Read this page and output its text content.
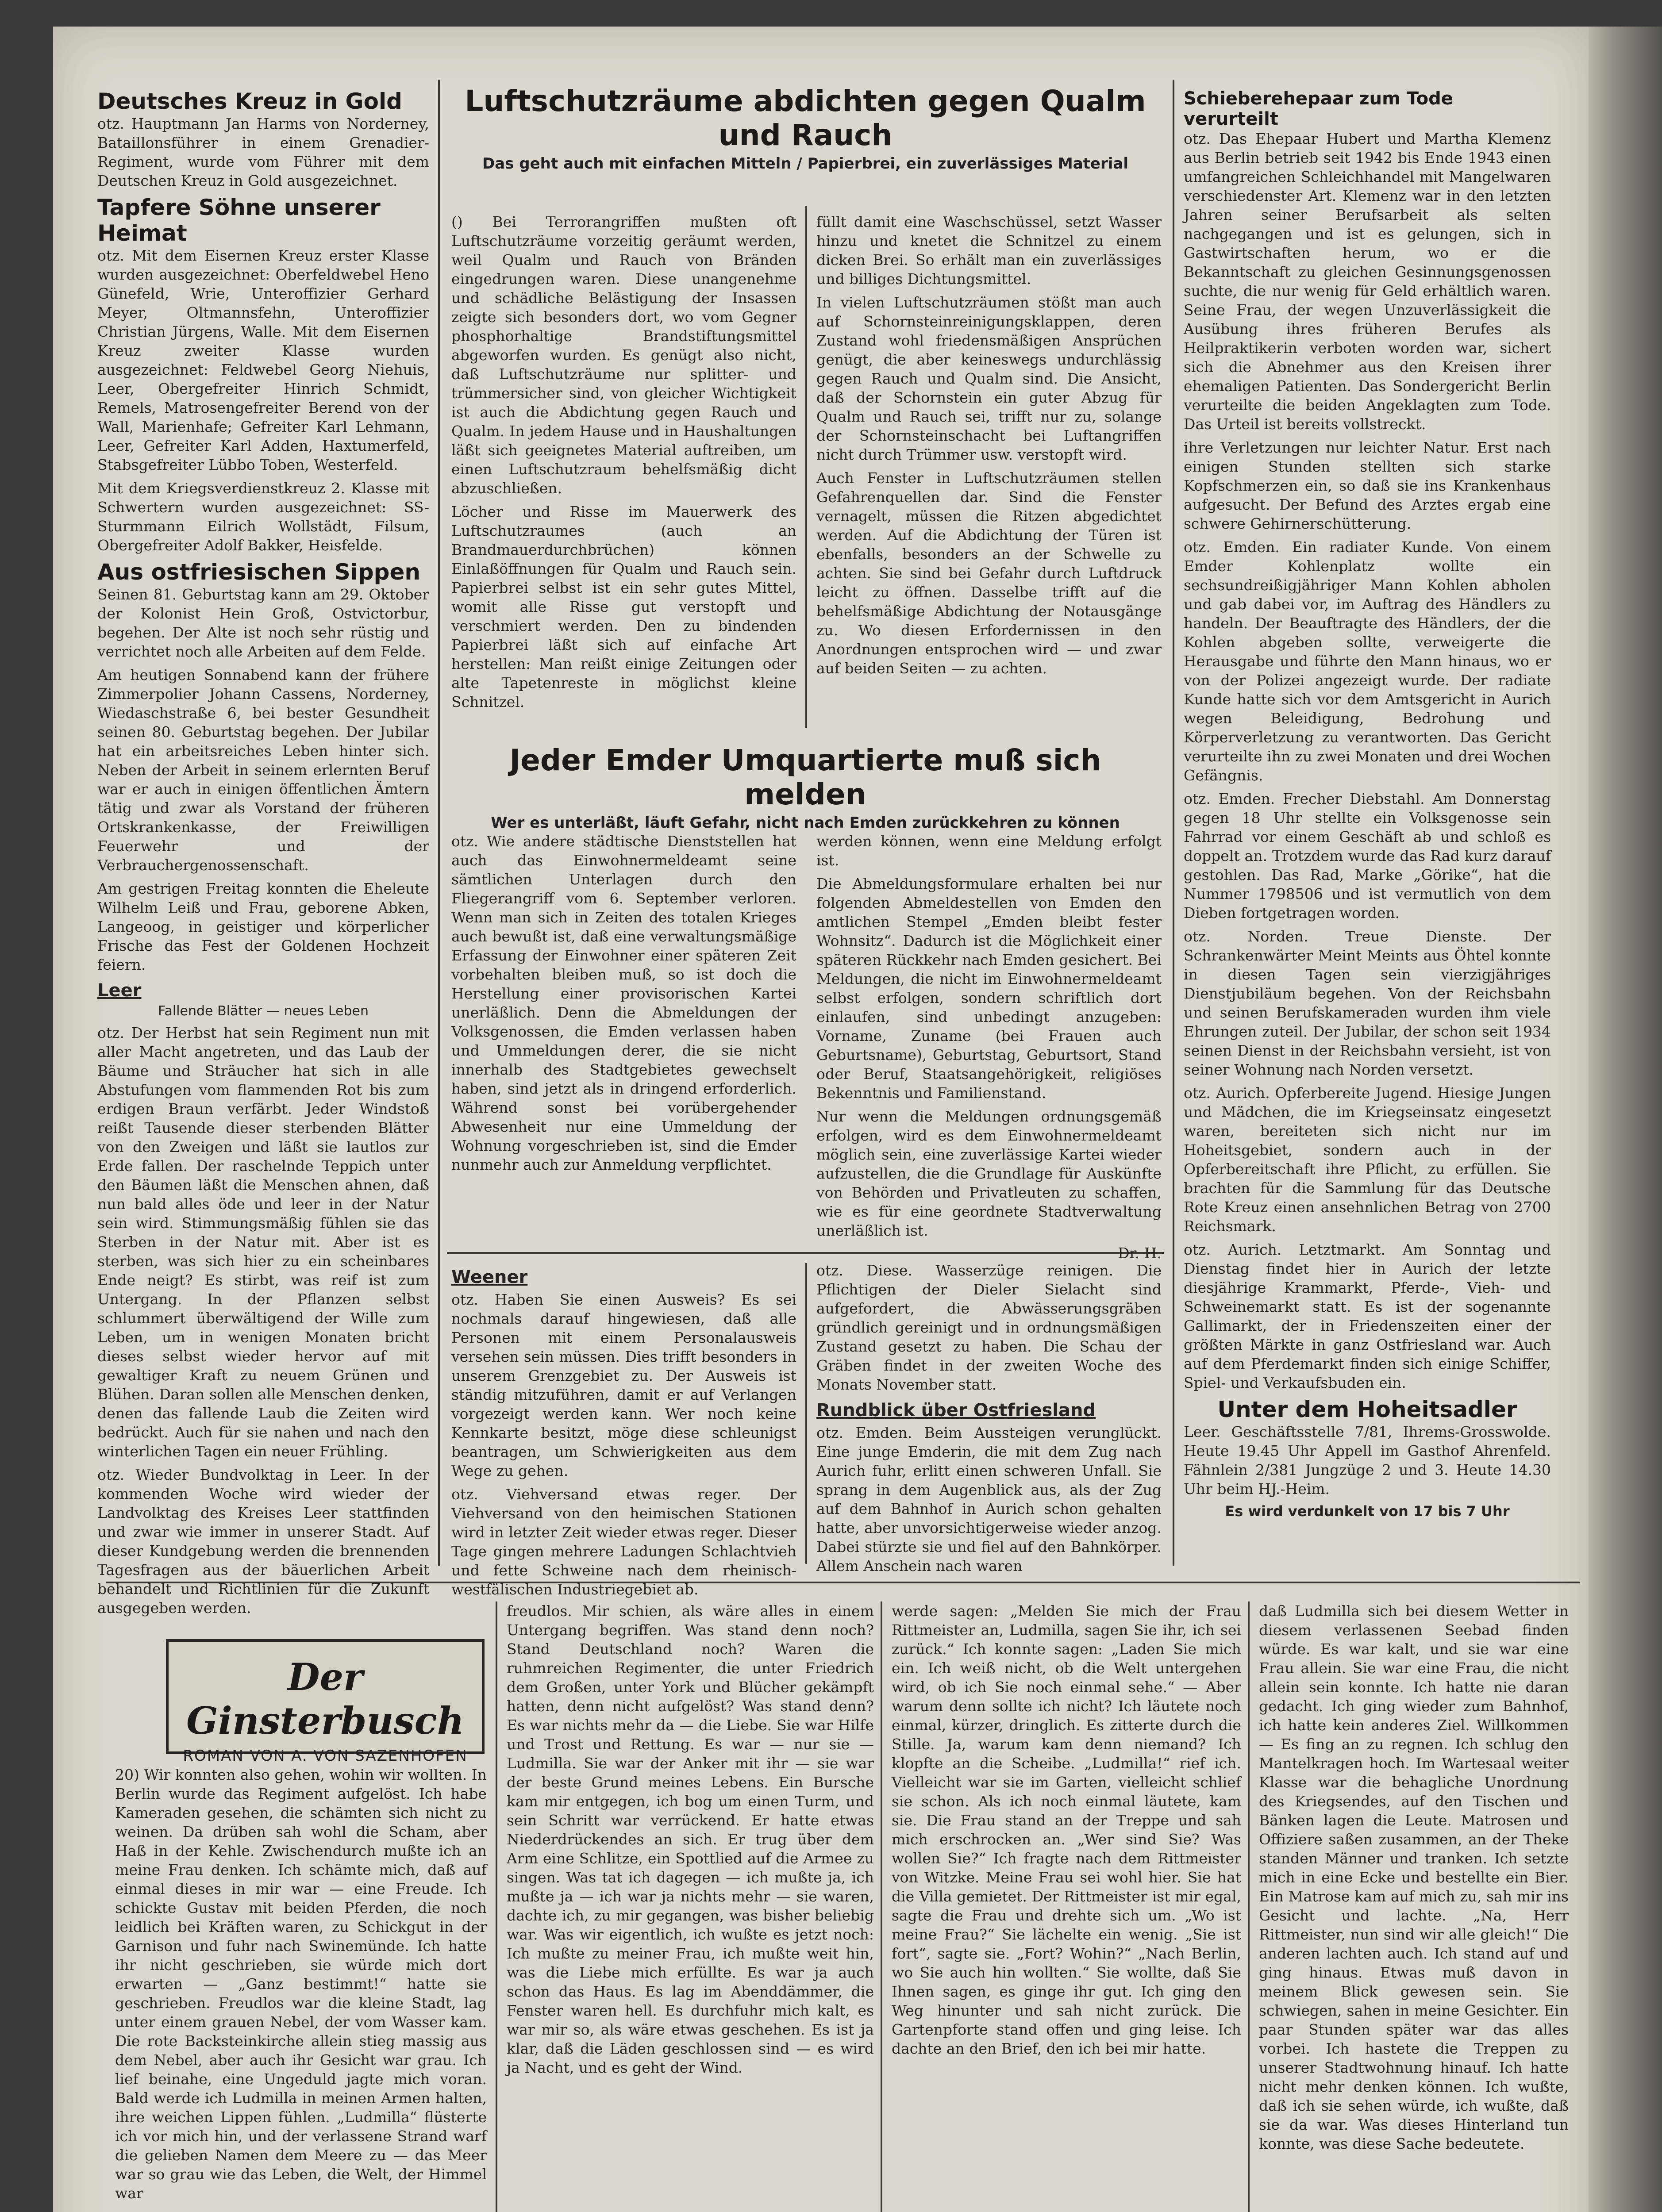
Deutsches Kreuz in Gold

otz. Hauptmann Jan Harms von Norderney, Bataillonsführer in einem Grenadier-Regiment, wurde vom Führer mit dem Deutschen Kreuz in Gold ausgezeichnet.

Tapfere Söhne unserer Heimat

otz. Mit dem Eisernen Kreuz erster Klasse wurden ausgezeichnet: Oberfeldwebel Heno Günefeld, Wrie, Unteroffizier Gerhard Meyer, Oltmannsfehn, Unteroffizier Christian Jürgens, Walle. Mit dem Eisernen Kreuz zweiter Klasse wurden ausgezeichnet: Feldwebel Georg Niehuis, Leer, Obergefreiter Hinrich Schmidt, Remels, Matrosengefreiter Berend von der Wall, Marienhafe; Gefreiter Karl Lehmann, Leer, Gefreiter Karl Adden, Haxtumerfeld, Stabsgefreiter Lübbo Toben, Westerfeld.

Mit dem Kriegsverdienstkreuz 2. Klasse mit Schwertern wurden ausgezeichnet: SS-Sturmmann Eilrich Wollstädt, Filsum, Obergefreiter Adolf Bakker, Heisfelde.

Aus ostfriesischen Sippen

Seinen 81. Geburtstag kann am 29. Oktober der Kolonist Hein Groß, Ostvictorbur, begehen. Der Alte ist noch sehr rüstig und verrichtet noch alle Arbeiten auf dem Felde.

Am heutigen Sonnabend kann der frühere Zimmerpolier Johann Cassens, Norderney, Wiedaschstraße 6, bei bester Gesundheit seinen 80. Geburtstag begehen. Der Jubilar hat ein arbeitsreiches Leben hinter sich. Neben der Arbeit in seinem erlernten Beruf war er auch in einigen öffentlichen Ämtern tätig und zwar als Vorstand der früheren Ortskrankenkasse, der Freiwilligen Feuerwehr und der Verbrauchergenossenschaft.

Am gestrigen Freitag konnten die Eheleute Wilhelm Leiß und Frau, geborene Abken, Langeoog, in geistiger und körperlicher Frische das Fest der Goldenen Hochzeit feiern.

Leer
Fallende Blätter — neues Leben

otz. Der Herbst hat sein Regiment nun mit aller Macht angetreten, und das Laub der Bäume und Sträucher hat sich in alle Abstufungen vom flammenden Rot bis zum erdigen Braun verfärbt. Jeder Windstoß reißt Tausende dieser sterbenden Blätter von den Zweigen und läßt sie lautlos zur Erde fallen. Der raschelnde Teppich unter den Bäumen läßt die Menschen ahnen, daß nun bald alles öde und leer in der Natur sein wird. Stimmungsmäßig fühlen sie das Sterben in der Natur mit. Aber ist es sterben, was sich hier zu ein scheinbares Ende neigt? Es stirbt, was reif ist zum Untergang. In der Pflanzen selbst schlummert überwältigend der Wille zum Leben, um in wenigen Monaten bricht dieses selbst wieder hervor auf mit gewaltiger Kraft zu neuem Grünen und Blühen. Daran sollen alle Menschen denken, denen das fallende Laub die Zeiten wird bedrückt. Auch für sie nahen und nach den winterlichen Tagen ein neuer Frühling.

otz. Wieder Bundvolktag in Leer. In der kommenden Woche wird wieder der Landvolktag des Kreises Leer stattfinden und zwar wie immer in unserer Stadt. Auf dieser Kundgebung werden die brennenden Tagesfragen aus der bäuerlichen Arbeit behandelt und Richtlinien für die Zukunft ausgegeben werden.

Luftschutzräume abdichten gegen Qualm und Rauch
Das geht auch mit einfachen Mitteln / Papierbrei, ein zuverlässiges Material

() Bei Terrorangriffen mußten oft Luftschutzräume vorzeitig geräumt werden, weil Qualm und Rauch von Bränden eingedrungen waren. Diese unangenehme und schädliche Belästigung der Insassen zeigte sich besonders dort, wo vom Gegner phosphorhaltige Brandstiftungsmittel abgeworfen wurden. Es genügt also nicht, daß Luftschutzräume nur splitter- und trümmersicher sind, von gleicher Wichtigkeit ist auch die Abdichtung gegen Rauch und Qualm. In jedem Hause und in Haushaltungen läßt sich geeignetes Material auftreiben, um einen Luftschutzraum behelfsmäßig dicht abzuschließen.

Löcher und Risse im Mauerwerk des Luftschutzraumes (auch an Brandmauerdurchbrüchen) können Einlaßöffnungen für Qualm und Rauch sein. Papierbrei selbst ist ein sehr gutes Mittel, womit alle Risse gut verstopft und verschmiert werden. Den zu bindenden Papierbrei läßt sich auf einfache Art herstellen: Man reißt einige Zeitungen oder alte Tapetenreste in möglichst kleine Schnitzel.

füllt damit eine Waschschüssel, setzt Wasser hinzu und knetet die Schnitzel zu einem dicken Brei. So erhält man ein zuverlässiges und billiges Dichtungsmittel.

In vielen Luftschutzräumen stößt man auch auf Schornsteinreinigungsklappen, deren Zustand wohl friedensmäßigen Ansprüchen genügt, die aber keineswegs undurchlässig gegen Rauch und Qualm sind. Die Ansicht, daß der Schornstein ein guter Abzug für Qualm und Rauch sei, trifft nur zu, solange der Schornsteinschacht bei Luftangriffen nicht durch Trümmer usw. verstopft wird.

Auch Fenster in Luftschutzräumen stellen Gefahrenquellen dar. Sind die Fenster vernagelt, müssen die Ritzen abgedichtet werden. Auf die Abdichtung der Türen ist ebenfalls, besonders an der Schwelle zu achten. Sie sind bei Gefahr durch Luftdruck leicht zu öffnen. Dasselbe trifft auf die behelfsmäßige Abdichtung der Notausgänge zu. Wo diesen Erfordernissen in den Anordnungen entsprochen wird — und zwar auf beiden Seiten — zu achten.

Jeder Emder Umquartierte muß sich melden
Wer es unterläßt, läuft Gefahr, nicht nach Emden zurückkehren zu können

otz. Wie andere städtische Dienststellen hat auch das Einwohnermeldeamt seine sämtlichen Unterlagen durch den Fliegerangriff vom 6. September verloren. Wenn man sich in Zeiten des totalen Krieges auch bewußt ist, daß eine verwaltungsmäßige Erfassung der Einwohner einer späteren Zeit vorbehalten bleiben muß, so ist doch die Herstellung einer provisorischen Kartei unerläßlich. Denn die Abmeldungen der Volksgenossen, die Emden verlassen haben und Ummeldungen derer, die sie nicht innerhalb des Stadtgebietes gewechselt haben, sind jetzt als in dringend erforderlich. Während sonst bei vorübergehender Abwesenheit nur eine Ummeldung der Wohnung vorgeschrieben ist, sind die Emder nunmehr auch zur Anmeldung verpflichtet.

werden können, wenn eine Meldung erfolgt ist.

Die Abmeldungsformulare erhalten bei nur folgenden Abmeldestellen von Emden den amtlichen Stempel „Emden bleibt fester Wohnsitz“. Dadurch ist die Möglichkeit einer späteren Rückkehr nach Emden gesichert. Bei Meldungen, die nicht im Einwohnermeldeamt selbst erfolgen, sondern schriftlich dort einlaufen, sind unbedingt anzugeben: Vorname, Zuname (bei Frauen auch Geburtsname), Geburtstag, Geburtsort, Stand oder Beruf, Staatsangehörigkeit, religiöses Bekenntnis und Familienstand.

Nur wenn die Meldungen ordnungsgemäß erfolgen, wird es dem Einwohnermeldeamt möglich sein, eine zuverlässige Kartei wieder aufzustellen, die die Grundlage für Auskünfte von Behörden und Privatleuten zu schaffen, wie es für eine geordnete Stadtverwaltung unerläßlich ist.

Dr. H.

Weener

otz. Haben Sie einen Ausweis? Es sei nochmals darauf hingewiesen, daß alle Personen mit einem Personalausweis versehen sein müssen. Dies trifft besonders in unserem Grenzgebiet zu. Der Ausweis ist ständig mitzuführen, damit er auf Verlangen vorgezeigt werden kann. Wer noch keine Kennkarte besitzt, möge diese schleunigst beantragen, um Schwierigkeiten aus dem Wege zu gehen.

otz. Viehversand etwas reger. Der Viehversand von den heimischen Stationen wird in letzter Zeit wieder etwas reger. Dieser Tage gingen mehrere Ladungen Schlachtvieh und fette Schweine nach dem rheinisch-westfälischen Industriegebiet ab.

otz. Diese. Wasserzüge reinigen. Die Pflichtigen der Dieler Sielacht sind aufgefordert, die Abwässerungsgräben gründlich gereinigt und in ordnungsmäßigen Zustand gesetzt zu haben. Die Schau der Gräben findet in der zweiten Woche des Monats November statt.

Rundblick über Ostfriesland

otz. Emden. Beim Aussteigen verunglückt. Eine junge Emderin, die mit dem Zug nach Aurich fuhr, erlitt einen schweren Unfall. Sie sprang in dem Augenblick aus, als der Zug auf dem Bahnhof in Aurich schon gehalten hatte, aber unvorsichtigerweise wieder anzog. Dabei stürzte sie und fiel auf den Bahnkörper. Allem Anschein nach waren

Schieberehepaar zum Tode verurteilt

otz. Das Ehepaar Hubert und Martha Klemenz aus Berlin betrieb seit 1942 bis Ende 1943 einen umfangreichen Schleichhandel mit Mangelwaren verschiedenster Art. Klemenz war in den letzten Jahren seiner Berufsarbeit als selten nachgegangen und ist es gelungen, sich in Gastwirtschaften herum, wo er die Bekanntschaft zu gleichen Gesinnungsgenossen suchte, die nur wenig für Geld erhältlich waren. Seine Frau, der wegen Unzuverlässigkeit die Ausübung ihres früheren Berufes als Heilpraktikerin verboten worden war, sichert sich die Abnehmer aus den Kreisen ihrer ehemaligen Patienten. Das Sondergericht Berlin verurteilte die beiden Angeklagten zum Tode. Das Urteil ist bereits vollstreckt.

ihre Verletzungen nur leichter Natur. Erst nach einigen Stunden stellten sich starke Kopfschmerzen ein, so daß sie ins Krankenhaus aufgesucht. Der Befund des Arztes ergab eine schwere Gehirnerschütterung.

otz. Emden. Ein radiater Kunde. Von einem Emder Kohlenplatz wollte ein sechsundreißigjähriger Mann Kohlen abholen und gab dabei vor, im Auftrag des Händlers zu handeln. Der Beauftragte des Händlers, der die Kohlen abgeben sollte, verweigerte die Herausgabe und führte den Mann hinaus, wo er von der Polizei angezeigt wurde. Der radiate Kunde hatte sich vor dem Amtsgericht in Aurich wegen Beleidigung, Bedrohung und Körperverletzung zu verantworten. Das Gericht verurteilte ihn zu zwei Monaten und drei Wochen Gefängnis.

otz. Emden. Frecher Diebstahl. Am Donnerstag gegen 18 Uhr stellte ein Volksgenosse sein Fahrrad vor einem Geschäft ab und schloß es doppelt an. Trotzdem wurde das Rad kurz darauf gestohlen. Das Rad, Marke „Görike“, hat die Nummer 1798506 und ist vermutlich von dem Dieben fortgetragen worden.

otz. Norden. Treue Dienste. Der Schrankenwärter Meint Meints aus Öhtel konnte in diesen Tagen sein vierzigjähriges Dienstjubiläum begehen. Von der Reichsbahn und seinen Berufskameraden wurden ihm viele Ehrungen zuteil. Der Jubilar, der schon seit 1934 seinen Dienst in der Reichsbahn versieht, ist von seiner Wohnung nach Norden versetzt.

otz. Aurich. Opferbereite Jugend. Hiesige Jungen und Mädchen, die im Kriegseinsatz eingesetzt waren, bereiteten sich nicht nur im Hoheitsgebiet, sondern auch in der Opferbereitschaft ihre Pflicht, zu erfüllen. Sie brachten für die Sammlung für das Deutsche Rote Kreuz einen ansehnlichen Betrag von 2700 Reichsmark.

otz. Aurich. Letztmarkt. Am Sonntag und Dienstag findet hier in Aurich der letzte diesjährige Krammarkt, Pferde-, Vieh- und Schweinemarkt statt. Es ist der sogenannte Gallimarkt, der in Friedenszeiten einer der größten Märkte in ganz Ostfriesland war. Auch auf dem Pferdemarkt finden sich einige Schiffer, Spiel- und Verkaufsbuden ein.

Unter dem Hoheitsadler

Leer. Geschäftsstelle 7/81, Ihrems-Grosswolde. Heute 19.45 Uhr Appell im Gasthof Ahrenfeld. Fähnlein 2/381 Jungzüge 2 und 3. Heute 14.30 Uhr beim HJ.-Heim.

Es wird verdunkelt von 17 bis 7 Uhr
Der Ginsterbusch
ROMAN VON A. VON SAZENHOFEN

20) Wir konnten also gehen, wohin wir wollten. In Berlin wurde das Regiment aufgelöst. Ich habe Kameraden gesehen, die schämten sich nicht zu weinen. Da drüben sah wohl die Scham, aber Haß in der Kehle. Zwischendurch mußte ich an meine Frau denken. Ich schämte mich, daß auf einmal dieses in mir war — eine Freude. Ich schickte Gustav mit beiden Pferden, die noch leidlich bei Kräften waren, zu Schickgut in der Garnison und fuhr nach Swinemünde. Ich hatte ihr nicht geschrieben, sie würde mich dort erwarten — „Ganz bestimmt!“ hatte sie geschrieben. Freudlos war die kleine Stadt, lag unter einem grauen Nebel, der vom Wasser kam. Die rote Backsteinkirche allein stieg massig aus dem Nebel, aber auch ihr Gesicht war grau. Ich lief beinahe, eine Ungeduld jagte mich voran. Bald werde ich Ludmilla in meinen Armen halten, ihre weichen Lippen fühlen. „Ludmilla“ flüsterte ich vor mich hin, und der verlassene Strand warf die gelieben Namen dem Meere zu — das Meer war so grau wie das Leben, die Welt, der Himmel war

freudlos. Mir schien, als wäre alles in einem Untergang begriffen. Was stand denn noch? Stand Deutschland noch? Waren die ruhmreichen Regimenter, die unter Friedrich dem Großen, unter York und Blücher gekämpft hatten, denn nicht aufgelöst? Was stand denn? Es war nichts mehr da — die Liebe. Sie war Hilfe und Trost und Rettung. Es war — nur sie — Ludmilla. Sie war der Anker mit ihr — sie war der beste Grund meines Lebens. Ein Bursche kam mir entgegen, ich bog um einen Turm, und sein Schritt war verrückend. Er hatte etwas Niederdrückendes an sich. Er trug über dem Arm eine Schlitze, ein Spottlied auf die Armee zu singen. Was tat ich dagegen — ich mußte ja, ich mußte ja — ich war ja nichts mehr — sie waren, dachte ich, zu mir gegangen, was bisher beliebig war. Was wir eigentlich, ich wußte es jetzt noch: Ich mußte zu meiner Frau, ich mußte weit hin, was die Liebe mich erfüllte. Es war ja auch schon das Haus. Es lag im Abenddämmer, die Fenster waren hell. Es durchfuhr mich kalt, es war mir so, als wäre etwas geschehen. Es ist ja klar, daß die Läden geschlossen sind — es wird ja Nacht, und es geht der Wind.

werde sagen: „Melden Sie mich der Frau Rittmeister an, Ludmilla, sagen Sie ihr, ich sei zurück.“ Ich konnte sagen: „Laden Sie mich ein. Ich weiß nicht, ob die Welt untergehen wird, ob ich Sie noch einmal sehe.“ — Aber warum denn sollte ich nicht? Ich läutete noch einmal, kürzer, dringlich. Es zitterte durch die Stille. Ja, warum kam denn niemand? Ich klopfte an die Scheibe. „Ludmilla!“ rief ich. Vielleicht war sie im Garten, vielleicht schlief sie schon. Als ich noch einmal läutete, kam sie. Die Frau stand an der Treppe und sah mich erschrocken an. „Wer sind Sie? Was wollen Sie?“ Ich fragte nach dem Rittmeister von Witzke. Meine Frau sei wohl hier. Sie hat die Villa gemietet. Der Rittmeister ist mir egal, sagte die Frau und drehte sich um. „Wo ist meine Frau?“ Sie lächelte ein wenig. „Sie ist fort“, sagte sie. „Fort? Wohin?“ „Nach Berlin, wo Sie auch hin wollten.“ Sie wollte, daß Sie Ihnen sagen, es ginge ihr gut. Ich ging den Weg hinunter und sah nicht zurück. Die Gartenpforte stand offen und ging leise. Ich dachte an den Brief, den ich bei mir hatte.

daß Ludmilla sich bei diesem Wetter in diesem verlassenen Seebad finden würde. Es war kalt, und sie war eine Frau allein. Sie war eine Frau, die nicht allein sein konnte. Ich hatte nie daran gedacht. Ich ging wieder zum Bahnhof, ich hatte kein anderes Ziel. Willkommen — Es fing an zu regnen. Ich schlug den Mantelkragen hoch. Im Wartesaal weiter Klasse war die behagliche Unordnung des Kriegsendes, auf den Tischen und Bänken lagen die Leute. Matrosen und Offiziere saßen zusammen, an der Theke standen Männer und tranken. Ich setzte mich in eine Ecke und bestellte ein Bier. Ein Matrose kam auf mich zu, sah mir ins Gesicht und lachte. „Na, Herr Rittmeister, nun sind wir alle gleich!“ Die anderen lachten auch. Ich stand auf und ging hinaus. Etwas muß davon in meinem Blick gewesen sein. Sie schwiegen, sahen in meine Gesichter. Ein paar Stunden später war das alles vorbei. Ich hastete die Treppen zu unserer Stadtwohnung hinauf. Ich hatte nicht mehr denken können. Ich wußte, daß ich sie sehen würde, ich wußte, daß sie da war. Was dieses Hinterland tun konnte, was diese Sache bedeutete.
